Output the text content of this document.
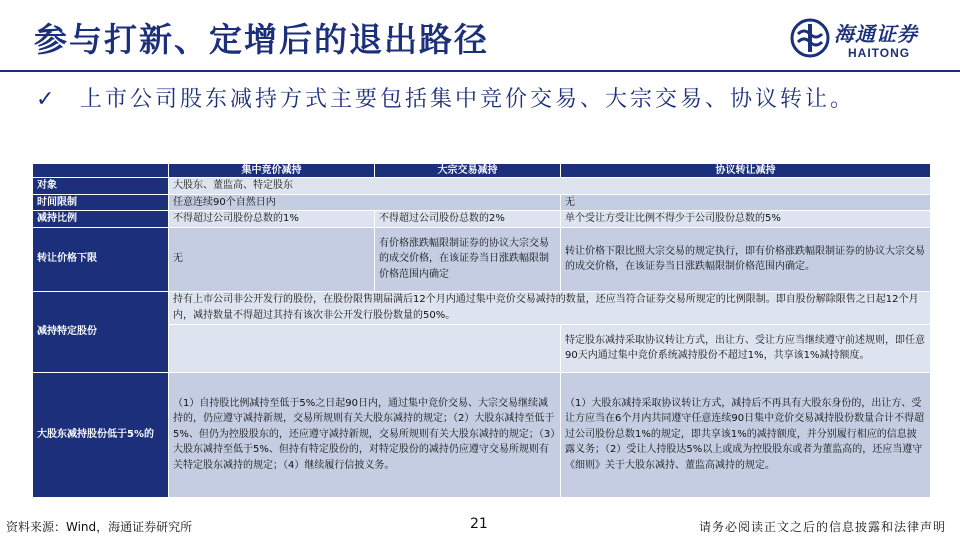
参与打新、定增后的退出路径	海通证券
HAITONG
✓	上市公司股东减持方式主要包括集中竞价交易、大宗交易、协议转让。
	集中竞价减持	大宗交易减持	协议转让减持
对象	大股东、董监高、特定股东		
时间限制	任意连续90个自然日内		无
减持比例	不得超过公司股份总数的1%	不得超过公司股份总数的2%	单个受让方受让比例不得少于公司股份总数的5%
转让价格下限	无	有价格涨跌幅限制证券的协议大宗交易的成交价格，在该证券当日涨跌幅限制价格范围内确定	转让价格下限比照大宗交易的规定执行，即有价格涨跌幅限制证券的协议大宗交易的成交价格，在该证券当日涨跌幅限制价格范围内确定。
减持特定股份	持有上市公司非公开发行的股份，在股份限售期届满后12个月内通过集中竞价交易减持的数量，还应当符合证券交易所规定的比例限制。即自股份解除限售之日起12个月内，减持数量不得超过其持有该次非公开发行股份数量的50%。		
			特定股东减持采取协议转让方式，出让方、受让方应当继续遵守前述规则，即任意90天内通过集中竞价系统减持股份不超过1%，共享该1%减持额度。
大股东减持股份低于5%的	（1）自持股比例减持至低于5%之日起90日内，通过集中竞价交易、大宗交易继续减持的，仍应遵守减持新规，交易所规则有关大股东减持的规定；（2）大股东减持至低于5%、但仍为控股股东的，还应遵守减持新规，交易所规则有关大股东减持的规定；（3）大股东减持至低于5%、但持有特定股份的，对特定股份的减持仍应遵守交易所规则有关特定股东减持的规定；（4）继续履行信披义务。		（1）大股东减持采取协议转让方式，减持后不再具有大股东身份的，出让方、受让方应当在6个月内共同遵守任意连续90日集中竞价交易减持股份数量合计不得超过公司股份总数1%的规定，即共享该1%的减持额度，并分别履行相应的信息披露义务；（2）受让人持股达5%以上或成为控股股东或者为董监高的，还应当遵守《细则》关于大股东减持、董监高减持的规定。
资料来源：Wind，海通证券研究所	21	请务必阅读正文之后的信息披露和法律声明
